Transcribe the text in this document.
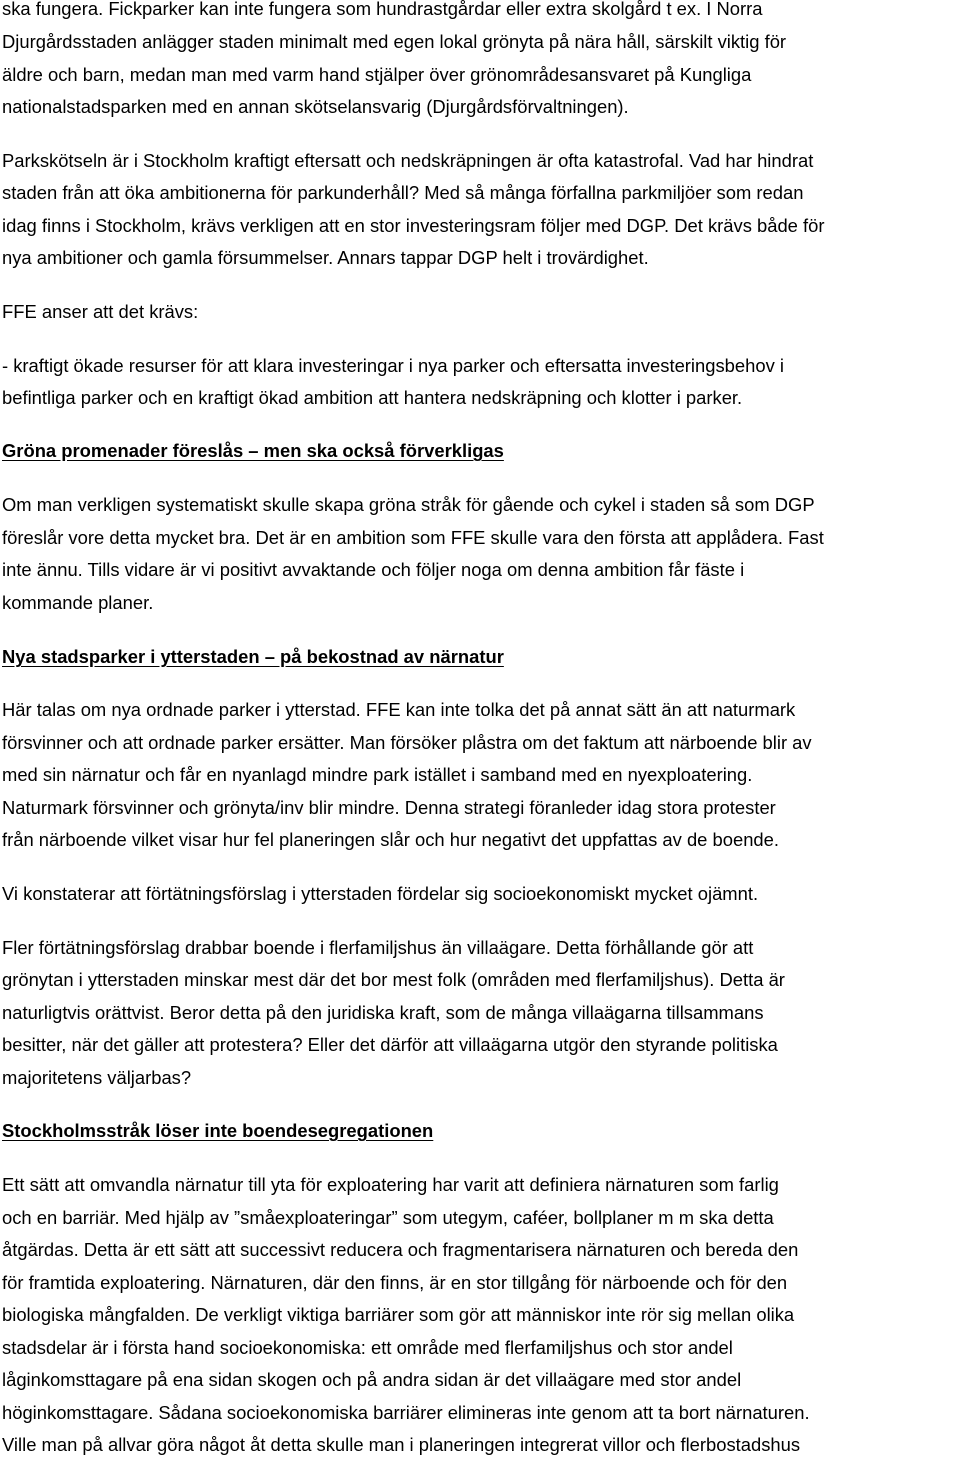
ska fungera. Fickparker kan inte fungera som hundrastgårdar eller extra skolgård t ex. I Norra
Djurgårdsstaden anlägger staden minimalt med egen lokal grönyta på nära håll, särskilt viktig för
äldre och barn, medan man med varm hand stjälper över grönområdesansvaret på Kungliga
nationalstadsparken med en annan skötselansvarig (Djurgårdsförvaltningen).
Parkskötseln är i Stockholm kraftigt eftersatt och nedskräpningen är ofta katastrofal. Vad har hindrat
staden från att öka ambitionerna för parkunderhåll? Med så många förfallna parkmiljöer som redan
idag finns i Stockholm, krävs verkligen att en stor investeringsram följer med DGP. Det krävs både för
nya ambitioner och gamla försummelser. Annars tappar DGP helt i trovärdighet.
FFE anser att det krävs:
- kraftigt ökade resurser för att klara investeringar i nya parker och eftersatta investeringsbehov i
befintliga parker och en kraftigt ökad ambition att hantera nedskräpning och klotter i parker.
Gröna promenader föreslås – men ska också förverkligas
Om man verkligen systematiskt skulle skapa gröna stråk för gående och cykel i staden så som DGP
föreslår vore detta mycket bra. Det är en ambition som FFE skulle vara den första att applådera. Fast
inte ännu. Tills vidare är vi positivt avvaktande och följer noga om denna ambition får fäste i
kommande planer.
Nya stadsparker i ytterstaden – på bekostnad av närnatur
Här talas om nya ordnade parker i ytterstad. FFE kan inte tolka det på annat sätt än att naturmark
försvinner och att ordnade parker ersätter. Man försöker plåstra om det faktum att närboende blir av
med sin närnatur och får en nyanlagd mindre park istället i samband med en nyexploatering.
Naturmark försvinner och grönyta/inv blir mindre. Denna strategi föranleder idag stora protester
från närboende vilket visar hur fel planeringen slår och hur negativt det uppfattas av de boende.
Vi konstaterar att förtätningsförslag i ytterstaden fördelar sig socioekonomiskt mycket ojämnt.
Fler förtätningsförslag drabbar boende i flerfamiljshus än villaägare. Detta förhållande gör att
grönytan i ytterstaden minskar mest där det bor mest folk (områden med flerfamiljshus). Detta är
naturligtvis orättvist. Beror detta på den juridiska kraft, som de många villaägarna tillsammans
besitter, när det gäller att protestera? Eller det därför att villaägarna utgör den styrande politiska
majoritetens väljarbas?
Stockholmsstråk löser inte boendesegregationen
Ett sätt att omvandla närnatur till yta för exploatering har varit att definiera närnaturen som farlig
och en barriär. Med hjälp av ”småexploateringar” som utegym, caféer, bollplaner m m ska detta
åtgärdas. Detta är ett sätt att successivt reducera och fragmentarisera närnaturen och bereda den
för framtida exploatering. Närnaturen, där den finns, är en stor tillgång för närboende och för den
biologiska mångfalden. De verkligt viktiga barriärer som gör att människor inte rör sig mellan olika
stadsdelar är i första hand socioekonomiska: ett område med flerfamiljshus och stor andel
låginkomsttagare på ena sidan skogen och på andra sidan är det villaägare med stor andel
höginkomsttagare. Sådana socioekonomiska barriärer elimineras inte genom att ta bort närnaturen.
Ville man på allvar göra något åt detta skulle man i planeringen integrerat villor och flerbostadshus
